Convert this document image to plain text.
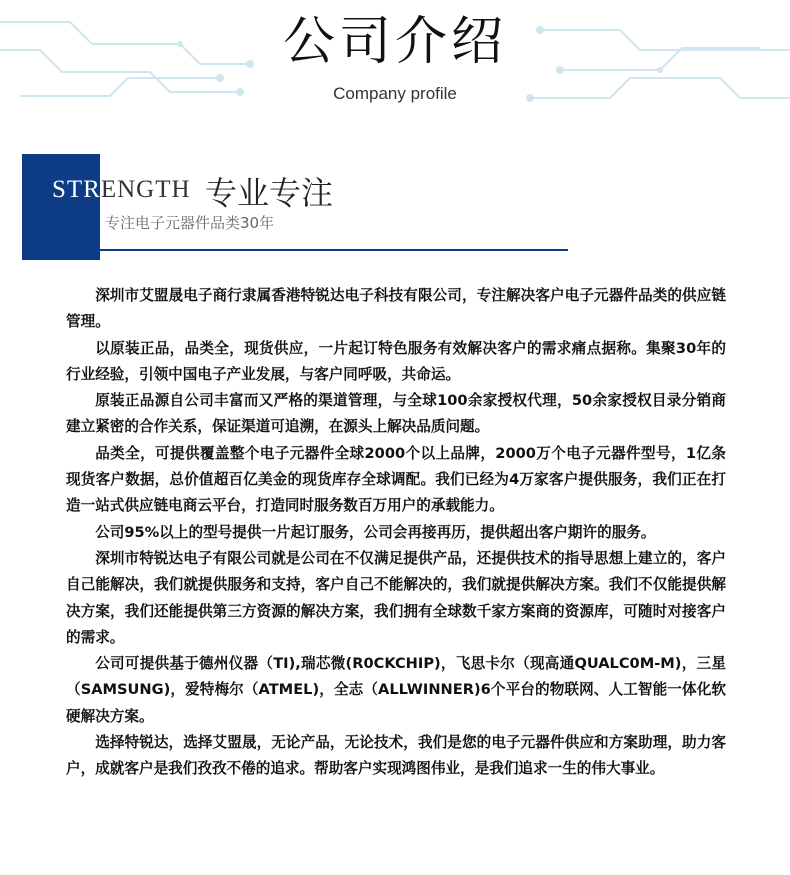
公司介绍
Company profile
STRENGTH 专业专注
专注电子元器件品类30年

深圳市艾盟晟电子商行隶属香港特锐达电子科技有限公司，专注解决客户电子元器件品类的供应链管理。

以原装正品，品类全，现货供应，一片起订特色服务有效解决客户的需求痛点据称。集聚30年的行业经验，引领中国电子产业发展，与客户同呼吸，共命运。

原装正品源自公司丰富而又严格的渠道管理，与全球100余家授权代理，50余家授权目录分销商建立紧密的合作关系，保证渠道可追溯，在源头上解决品质问题。

品类全，可提供覆盖整个电子元器件全球2000个以上品牌，2000万个电子元器件型号，1亿条现货客户数据，总价值超百亿美金的现货库存全球调配。我们已经为4万家客户提供服务，我们正在打造一站式供应链电商云平台，打造同时服务数百万用户的承载能力。

公司95%以上的型号提供一片起订服务，公司会再接再历，提供超出客户期许的服务。

深圳市特锐达电子有限公司就是公司在不仅满足提供产品，还提供技术的指导思想上建立的，客户自己能解决，我们就提供服务和支持，客户自己不能解决的，我们就提供解决方案。我们不仅能提供解决方案，我们还能提供第三方资源的解决方案，我们拥有全球数千家方案商的资源库，可随时对接客户的需求。

公司可提供基于德州仪器（TI),瑞芯微(R0CKCHIP)，飞思卡尔（现高通QUALC0M-M)，三星（SAMSUNG)，爱特梅尔（ATMEL)，全志（ALLWINNER)6个平台的物联网、人工智能一体化软硬解决方案。

选择特锐达，选择艾盟晟，无论产品，无论技术，我们是您的电子元器件供应和方案助理，助力客户，成就客户是我们孜孜不倦的追求。帮助客户实现鸿图伟业，是我们追求一生的伟大事业。
